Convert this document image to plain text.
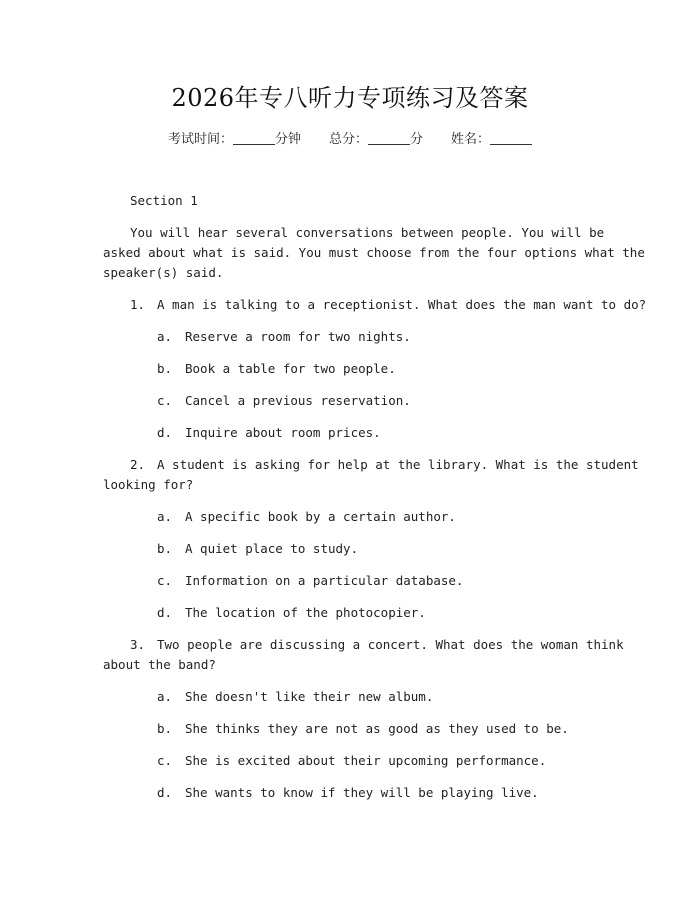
2026年专八听力专项练习及答案
考试时间：	分钟 总分：	分 姓名：
Section 1
You will hear several conversations between people. You will be
asked about what is said. You must choose from the four options what the
speaker(s) said.
1. A man is talking to a receptionist. What does the man want to do?
a. Reserve a room for two nights.
b. Book a table for two people.
c. Cancel a previous reservation.
d. Inquire about room prices.
2. A student is asking for help at the library. What is the student
looking for?
a. A specific book by a certain author.
b. A quiet place to study.
c. Information on a particular database.
d. The location of the photocopier.
3. Two people are discussing a concert. What does the woman think
about the band?
a. She doesn't like their new album.
b. She thinks they are not as good as they used to be.
c. She is excited about their upcoming performance.
d. She wants to know if they will be playing live.
